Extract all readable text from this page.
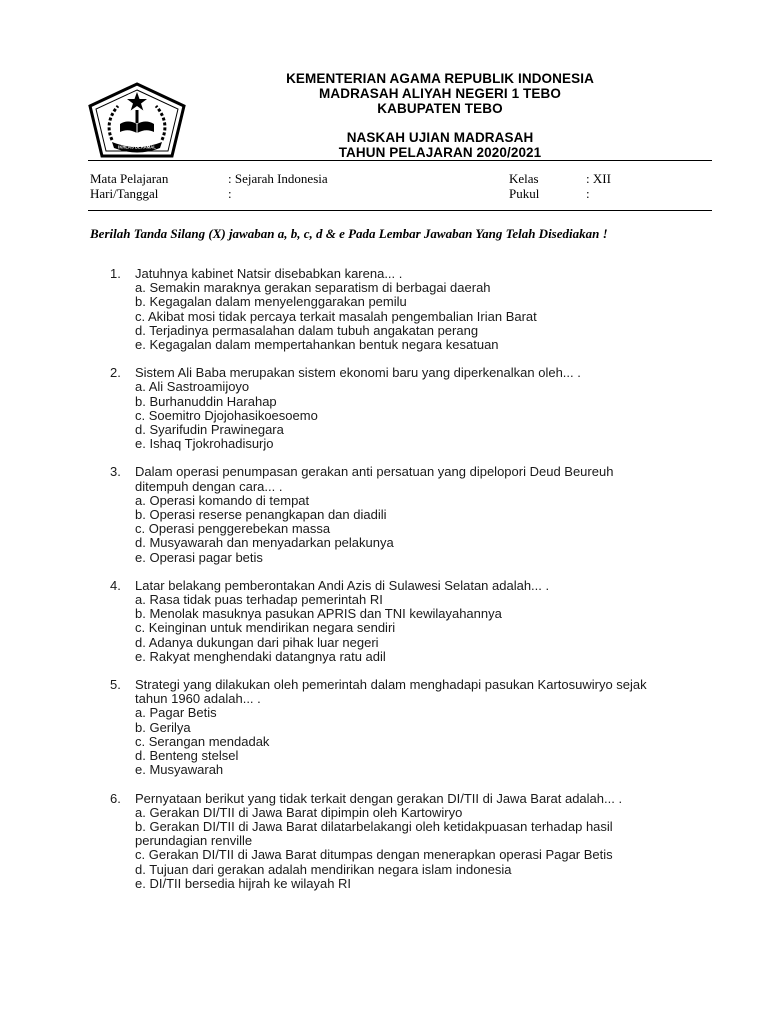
IKHLAS BERAMAL
KEMENTERIAN AGAMA REPUBLIK INDONESIA
MADRASAH ALIYAH NEGERI 1 TEBO
KABUPATEN TEBO
NASKAH UJIAN MADRASAH
TAHUN PELAJARAN 2020/2021
Mata Pelajaran	: Sejarah Indonesia
Hari/Tanggal	:
Kelas	: XII
Pukul	:
Berilah Tanda Silang (X) jawaban a, b, c, d & e Pada Lembar Jawaban Yang Telah Disediakan !
1. Jatuhnya kabinet Natsir disebabkan karena... .
a. Semakin maraknya gerakan separatism di berbagai daerah
b. Kegagalan dalam menyelenggarakan pemilu
c. Akibat mosi tidak percaya terkait masalah pengembalian Irian Barat
d. Terjadinya permasalahan dalam tubuh angakatan perang
e. Kegagalan dalam mempertahankan bentuk negara kesatuan
2. Sistem Ali Baba merupakan sistem ekonomi baru yang diperkenalkan oleh... .
a. Ali Sastroamijoyo
b. Burhanuddin Harahap
c. Soemitro Djojohasikoesoemo
d. Syarifudin Prawinegara
e. Ishaq Tjokrohadisurjo
3. Dalam operasi penumpasan gerakan anti persatuan yang dipelopori Deud Beureuh ditempuh dengan cara... .
a. Operasi komando di tempat
b. Operasi reserse penangkapan dan diadili
c. Operasi penggerebekan massa
d. Musyawarah dan menyadarkan pelakunya
e. Operasi pagar betis
4. Latar belakang pemberontakan Andi Azis di Sulawesi Selatan adalah... .
a. Rasa tidak puas terhadap pemerintah RI
b. Menolak masuknya pasukan APRIS dan TNI kewilayahannya
c. Keinginan untuk mendirikan negara sendiri
d. Adanya dukungan dari pihak luar negeri
e. Rakyat menghendaki datangnya ratu adil
5. Strategi yang dilakukan oleh pemerintah dalam menghadapi pasukan Kartosuwiryo sejak tahun 1960 adalah... .
a. Pagar Betis
b. Gerilya
c. Serangan mendadak
d. Benteng stelsel
e. Musyawarah
6. Pernyataan berikut yang tidak terkait dengan gerakan DI/TII di Jawa Barat adalah... .
a. Gerakan DI/TII di Jawa Barat dipimpin oleh Kartowiryo
b. Gerakan DI/TII di Jawa Barat dilatarbelakangi oleh ketidakpuasan terhadap hasil perundagian renville
c. Gerakan DI/TII di Jawa Barat ditumpas dengan menerapkan operasi Pagar Betis
d. Tujuan dari gerakan adalah mendirikan negara islam indonesia
e. DI/TII bersedia hijrah ke wilayah RI
